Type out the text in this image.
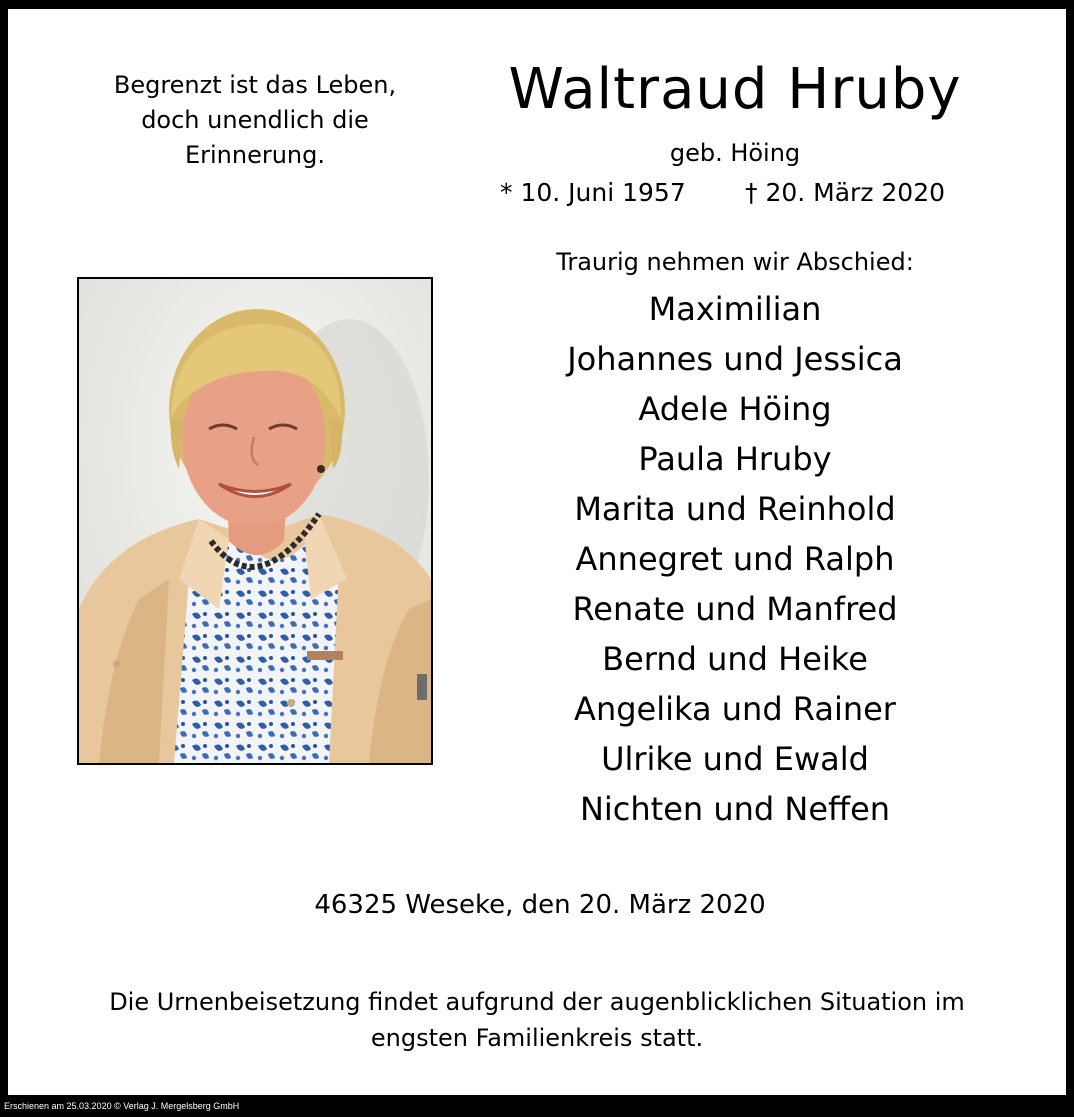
Erschienen am 25.03.2020 © Verlag J. Mergelsberg GmbH
Begrenzt ist das Leben,
doch unendlich die
Erinnerung.
Waltraud Hruby
geb. Höing
* 10. Juni 1957 † 20. März 2020
Traurig nehmen wir Abschied:
Maximilian
Johannes und Jessica
Adele Höing
Paula Hruby
Marita und Reinhold
Annegret und Ralph
Renate und Manfred
Bernd und Heike
Angelika und Rainer
Ulrike und Ewald
Nichten und Neffen
46325 Weseke, den 20. März 2020
Die Urnenbeisetzung findet aufgrund der augenblicklichen Situation im
engsten Familienkreis statt.
